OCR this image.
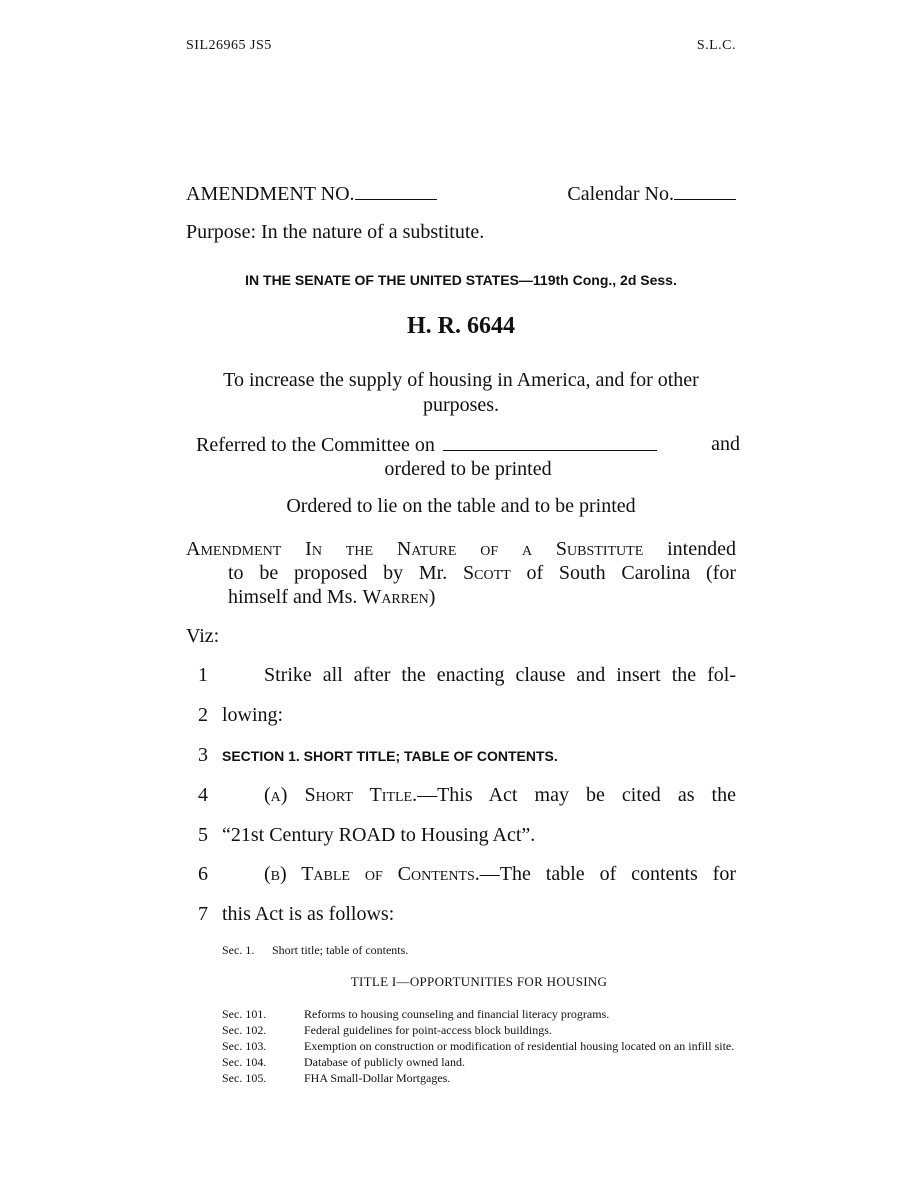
SIL26965 JS5	S.L.C.
AMENDMENT NO.	Calendar No.
Purpose: In the nature of a substitute.
IN THE SENATE OF THE UNITED STATES—119th Cong., 2d Sess.
H. R. 6644
To increase the supply of housing in America, and for other purposes.
Referred to the Committee on	and
ordered to be printed
Ordered to lie on the table and to be printed
Amendment In the Nature of a Substitute intended
to be proposed by Mr. Scott of South Carolina (for
himself and Ms. Warren)
Viz:
1	Strike all after the enacting clause and insert the fol-
2 lowing:
3 SECTION 1. SHORT TITLE; TABLE OF CONTENTS.
4	(a) Short Title.—This Act may be cited as the
5 “21st Century ROAD to Housing Act”.
6	(b) Table of Contents.—The table of contents for
7 this Act is as follows:
Sec. 1. Short title; table of contents.
TITLE I—OPPORTUNITIES FOR HOUSING
Sec. 101.	Reforms to housing counseling and financial literacy programs.
Sec. 102.	Federal guidelines for point-access block buildings.
Sec. 103.	Exemption on construction or modification of residential housing located on an infill site.
Sec. 104.	Database of publicly owned land.
Sec. 105.	FHA Small-Dollar Mortgages.
